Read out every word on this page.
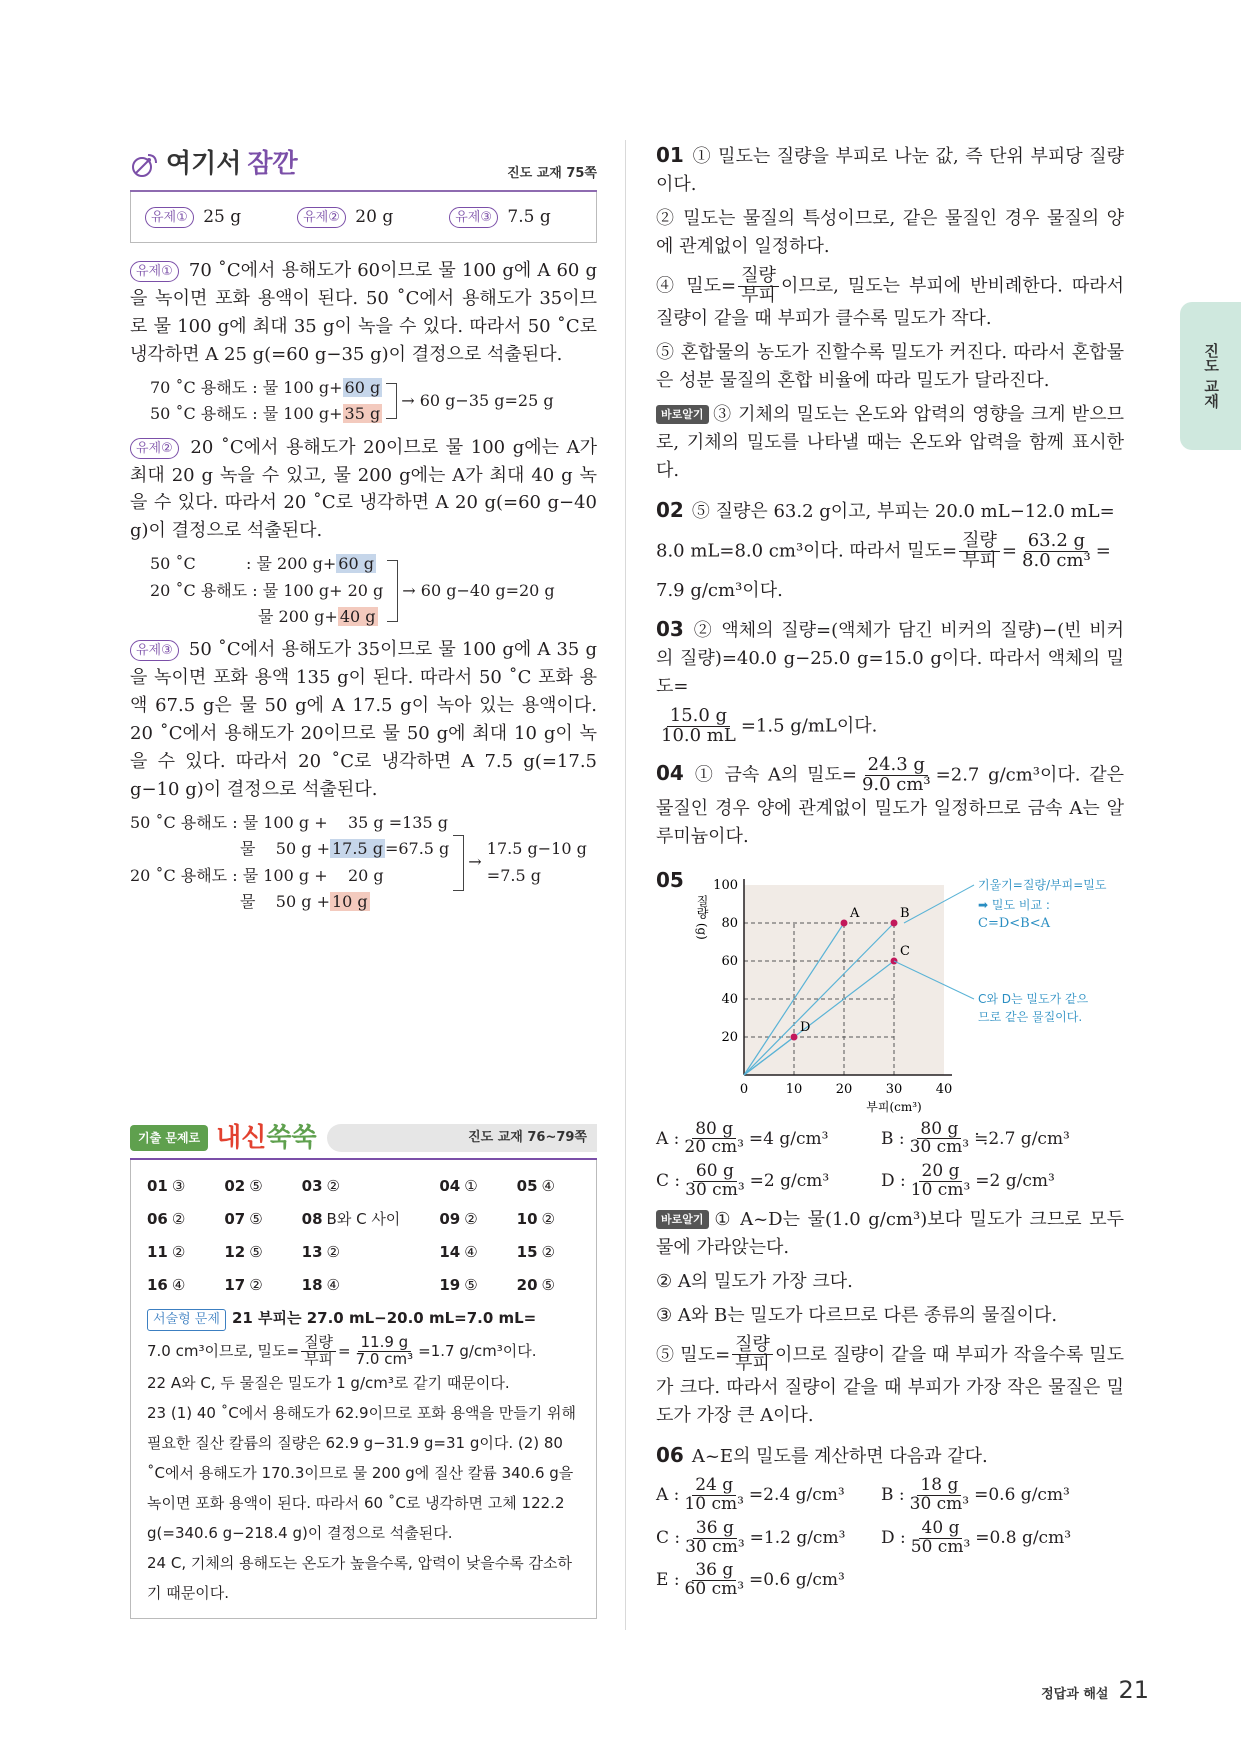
여기서 잠깐	진도 교재 75쪽
유제① 25 g	유제② 20 g	유제③ 7.5 g

유제① 70 ˚C에서 용해도가 60이므로 물 100 g에 A 60 g을 녹이면 포화 용액이 된다. 50 ˚C에서 용해도가 35이므로 물 100 g에 최대 35 g이 녹을 수 있다. 따라서 50 ˚C로 냉각하면 A 25 g(=60 g−35 g)이 결정으로 석출된다.

70 ˚C 용해도 : 물 100 g+ 60 g
50 ˚C 용해도 : 물 100 g+ 35 g
→
60 g−35 g=25 g

유제② 20 ˚C에서 용해도가 20이므로 물 100 g에는 A가 최대 20 g 녹을 수 있고, 물 200 g에는 A가 최대 40 g 녹을 수 있다. 따라서 20 ˚C로 냉각하면 A 20 g(=60 g−40 g)이 결정으로 석출된다.

50 ˚C	: 물 200 g+ 60 g
20 ˚C 용해도 : 물 100 g+ 20 g
물 200 g+ 40 g
→
60 g−40 g=20 g

유제③ 50 ˚C에서 용해도가 35이므로 물 100 g에 A 35 g을 녹이면 포화 용액 135 g이 된다. 따라서 50 ˚C 포화 용액 67.5 g은 물 50 g에 A 17.5 g이 녹아 있는 용액이다. 20 ˚C에서 용해도가 20이므로 물 50 g에 최대 10 g이 녹을 수 있다. 따라서 20 ˚C로 냉각하면 A 7.5 g(=17.5 g−10 g)이 결정으로 석출된다.

50 ˚C 용해도 : 물 100 g +    35 g =135 g
물    50 g + 17.5 g =67.5 g
20 ˚C 용해도 : 물 100 g +    20 g
물    50 g + 10 g
→

17.5 g−10 g
=7.5 g
기출 문제로 내신쑥쑥	진도 교재 76~79쪽
01 ③	02 ⑤	03 ②	04 ①	05 ④
06 ②	07 ⑤	08 B와 C 사이	09 ②	10 ②
11 ②	12 ⑤	13 ②	14 ④	15 ②
16 ④	17 ②	18 ④	19 ⑤	20 ⑤
서술형 문제 21 부피는 27.0 mL−20.0 mL=7.0 mL=
7.0 cm³이므로, 밀도= $\frac{\text{질량}}{\text{부피}} = \frac{11.9 g}{\text{7.0 cm³}} =1.7$ g/cm³이다.
22 A와 C, 두 물질은 밀도가 1 g/cm³로 같기 때문이다.
23 (1) 40 ˚C에서 용해도가 62.9이므로 포화 용액을 만들기 위해 필요한 질산 칼륨의 질량은 62.9 g−31.9 g=31 g이다. (2) 80 ˚C에서 용해도가 170.3이므로 물 200 g에 질산 칼륨 340.6 g을 녹이면 포화 용액이 된다. 따라서 60 ˚C로 냉각하면 고체 122.2 g(=340.6 g−218.4 g)이 결정으로 석출된다.
24 C, 기체의 용해도는 온도가 높을수록, 압력이 낮을수록 감소하기 때문이다.
진도 교재

01 ① 밀도는 질량을 부피로 나눈 값, 즉 단위 부피당 질량이다.

② 밀도는 물질의 특성이므로, 같은 물질인 경우 물질의 양에 관계없이 일정하다.

④ 밀도= $\frac{\text{질량}}{\text{부피}}$ 이므로, 밀도는 부피에 반비례한다. 따라서 질량이 같을 때 부피가 클수록 밀도가 작다.

⑤ 혼합물의 농도가 진할수록 밀도가 커진다. 따라서 혼합물은 성분 물질의 혼합 비율에 따라 밀도가 달라진다.

바로알기 ③ 기체의 밀도는 온도와 압력의 영향을 크게 받으므로, 기체의 밀도를 나타낼 때는 온도와 압력을 함께 표시한다.

02 ⑤ 질량은 63.2 g이고, 부피는 20.0 mL−12.0 mL=

8.0 mL=8.0 cm³이다. 따라서 밀도= $\frac{\text{질량}}{\text{부피}} = \frac{63.2 g}{\text{8.0 cm³}}$ =

7.9 g/cm³이다.

03 ② 액체의 질량=(액체가 담긴 비커의 질량)−(빈 비커의 질량)=40.0 g−25.0 g=15.0 g이다. 따라서 액체의 밀도=

$\frac{15.0 g}{10.0 mL} =1.5$ g/mL이다.

04 ① 금속 A의 밀도= $\frac{24.3 g}{\text{9.0 cm³}} =2.7$ g/cm³이다. 같은 물질인 경우 양에 관계없이 밀도가 일정하므로 금속 A는 알루미늄이다.

05
0	10	20	30	40
20
40
60
80
100
부피(cm³)
질량 (g)	A	B
C
D
기울기=질량/부피=밀도
➡ 밀도 비교 :
C=D<B<A
C와 D는 밀도가 같으
므로 같은 물질이다.
A : $\frac{80 g}{\text{20 cm³}} =4$ g/cm³	B : $\frac{80 g}{\text{30 cm³}}$ ≒2.7 g/cm³
C : $\frac{60 g}{\text{30 cm³}} =2$ g/cm³	D : $\frac{20 g}{\text{10 cm³}} =2$ g/cm³

바로알기 ① A~D는 물(1.0 g/cm³)보다 밀도가 크므로 모두 물에 가라앉는다.

② A의 밀도가 가장 크다.

③ A와 B는 밀도가 다르므로 다른 종류의 물질이다.

⑤ 밀도= $\frac{\text{질량}}{\text{부피}}$ 이므로 질량이 같을 때 부피가 작을수록 밀도가 크다. 따라서 질량이 같을 때 부피가 가장 작은 물질은 밀도가 가장 큰 A이다.

06 A~E의 밀도를 계산하면 다음과 같다.

A : $\frac{24 g}{\text{10 cm³}} =2.4$ g/cm³	B : $\frac{18 g}{\text{30 cm³}} =0.6$ g/cm³
C : $\frac{36 g}{\text{30 cm³}} =1.2$ g/cm³	D : $\frac{40 g}{\text{50 cm³}} =0.8$ g/cm³
E : $\frac{36 g}{\text{60 cm³}} =0.6$ g/cm³
정답과 해설 21
